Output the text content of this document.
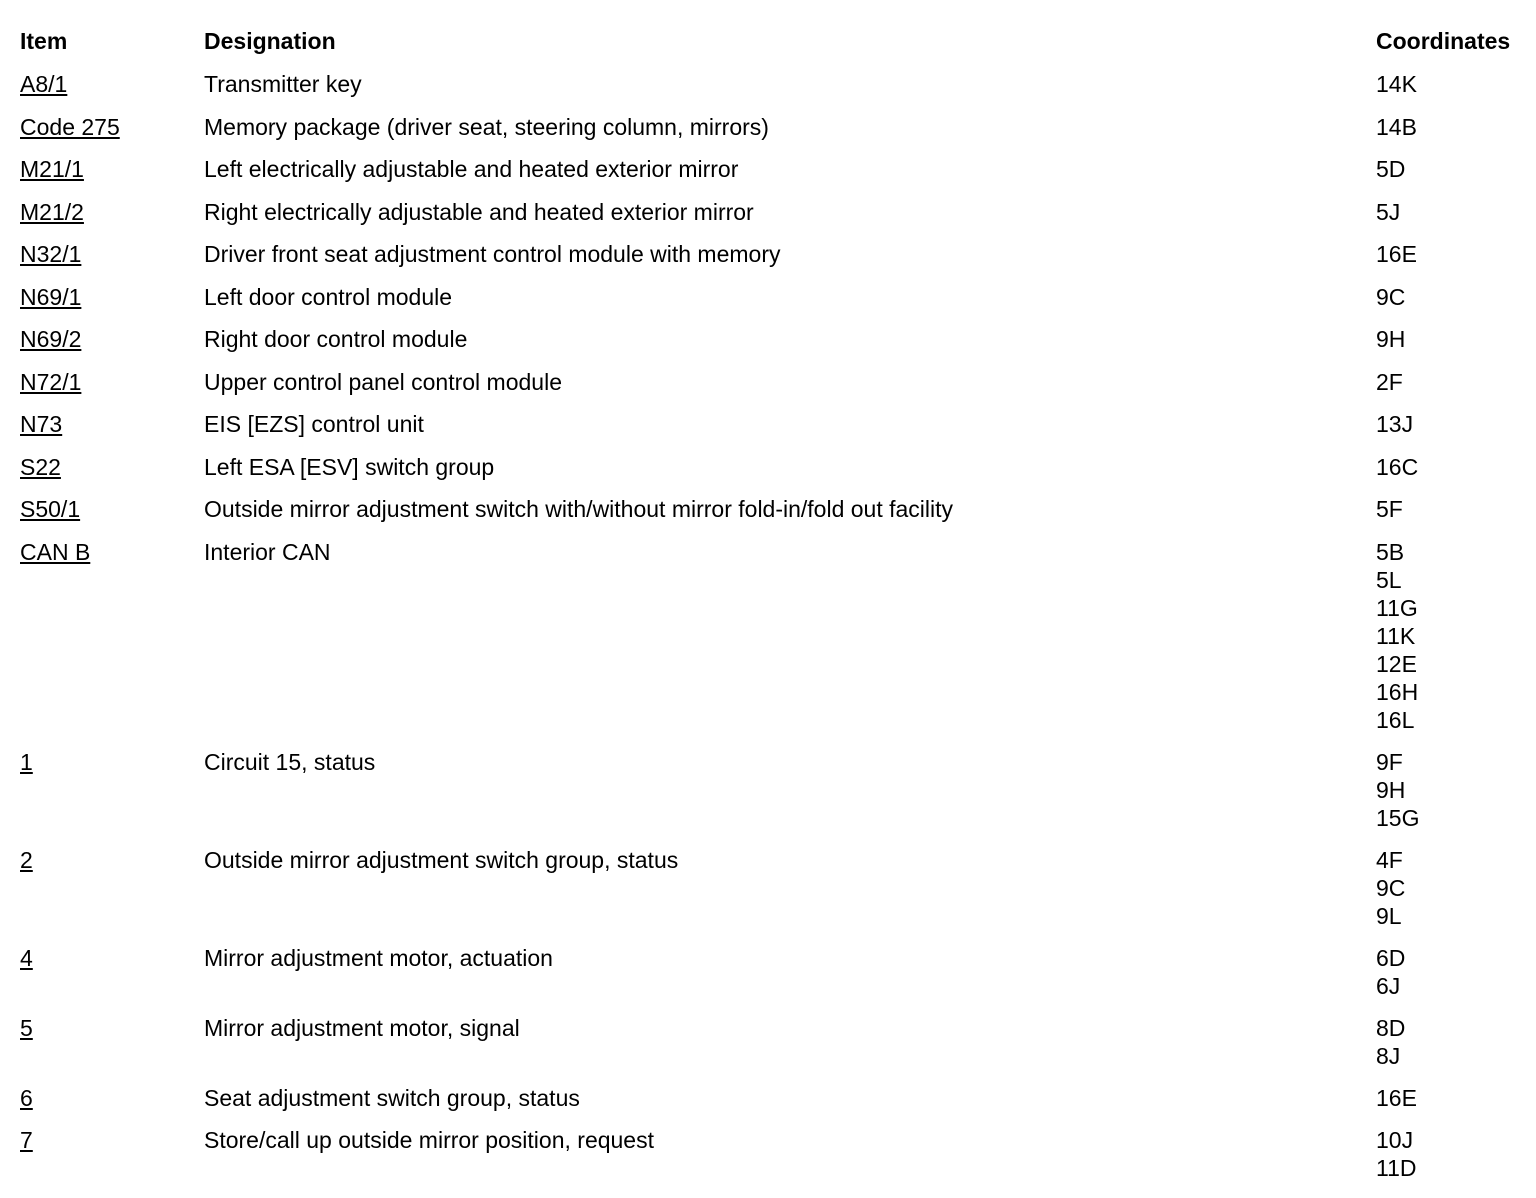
Item	Designation	Coordinates
A8/1	Transmitter key	14K
Code 275	Memory package (driver seat, steering column, mirrors)	14B
M21/1	Left electrically adjustable and heated exterior mirror	5D
M21/2	Right electrically adjustable and heated exterior mirror	5J
N32/1	Driver front seat adjustment control module with memory	16E
N69/1	Left door control module	9C
N69/2	Right door control module	9H
N72/1	Upper control panel control module	2F
N73	EIS [EZS] control unit	13J
S22	Left ESA [ESV] switch group	16C
S50/1	Outside mirror adjustment switch with/without mirror fold-in/fold out facility	5F
CAN B	Interior CAN	5B
5L
11G
11K
12E
16H
16L
1	Circuit 15, status	9F
9H
15G
2	Outside mirror adjustment switch group, status	4F
9C
9L
4	Mirror adjustment motor, actuation	6D
6J
5	Mirror adjustment motor, signal	8D
8J
6	Seat adjustment switch group, status	16E
7	Store/call up outside mirror position, request	10J
11D
